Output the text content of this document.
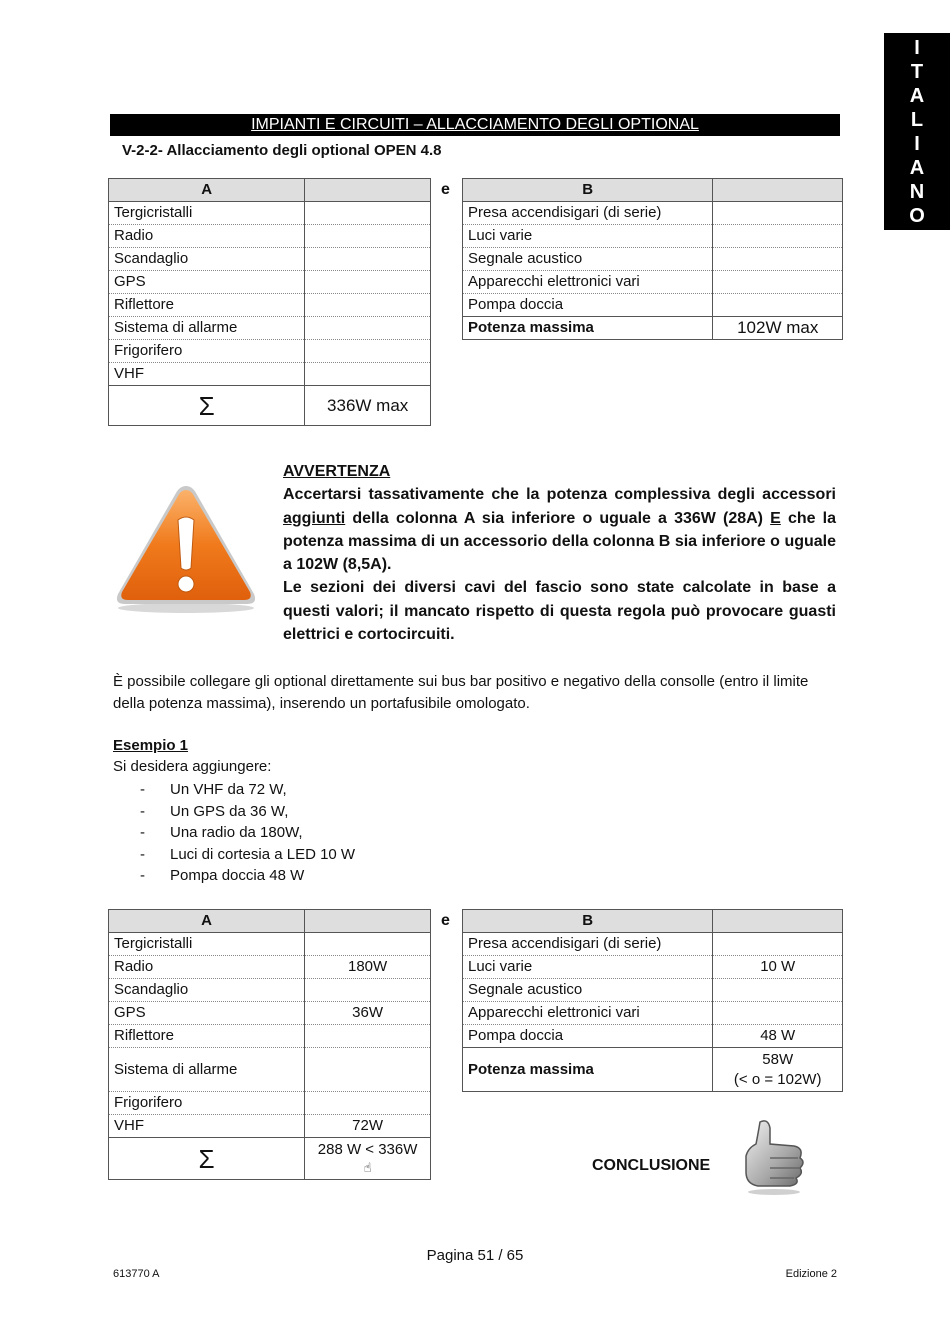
I
T
A
L
I
A
N
O
IMPIANTI E CIRCUITI – ALLACCIAMENTO DEGLI OPTIONAL
V-2-2- Allacciamento degli optional OPEN 4.8
A	
Tergicristalli	
Radio	
Scandaglio	
GPS	
Riflettore	
Sistema di allarme	
Frigorifero	
VHF	
Σ	336W max
e	B	
Presa accendisigari (di serie)	
Luci varie	
Segnale acustico	
Apparecchi elettronici vari	
Pompa doccia	
Potenza massima	102W max
AVVERTENZA
Accertarsi tassativamente che la potenza complessiva degli accessori aggiunti della colonna A sia inferiore o uguale a 336W (28A) E che la potenza massima di un accessorio della colonna B sia inferiore o uguale a 102W (8,5A).
Le sezioni dei diversi cavi del fascio sono state calcolate in base a questi valori; il mancato rispetto di questa regola può provocare guasti elettrici e cortocircuiti.
È possibile collegare gli optional direttamente sui bus bar positivo e negativo della consolle (entro il limite della potenza massima), inserendo un portafusibile omologato.
Esempio 1
Si desidera aggiungere:
- Un VHF da 72 W,
- Un GPS da 36 W,
- Una radio da 180W,
- Luci di cortesia a LED 10 W
- Pompa doccia 48 W
A	
Tergicristalli	
Radio	180W
Scandaglio	
GPS	36W
Riflettore	
Sistema di allarme	
Frigorifero	
VHF	72W
Σ	288 W < 336W
☝
e	B	
Presa accendisigari (di serie)	
Luci varie	10 W
Segnale acustico	
Apparecchi elettronici vari	
Pompa doccia	48 W
Potenza massima	58W
(< o = 102W)
CONCLUSIONE
Pagina 51 / 65
613770 A	Edizione 2
